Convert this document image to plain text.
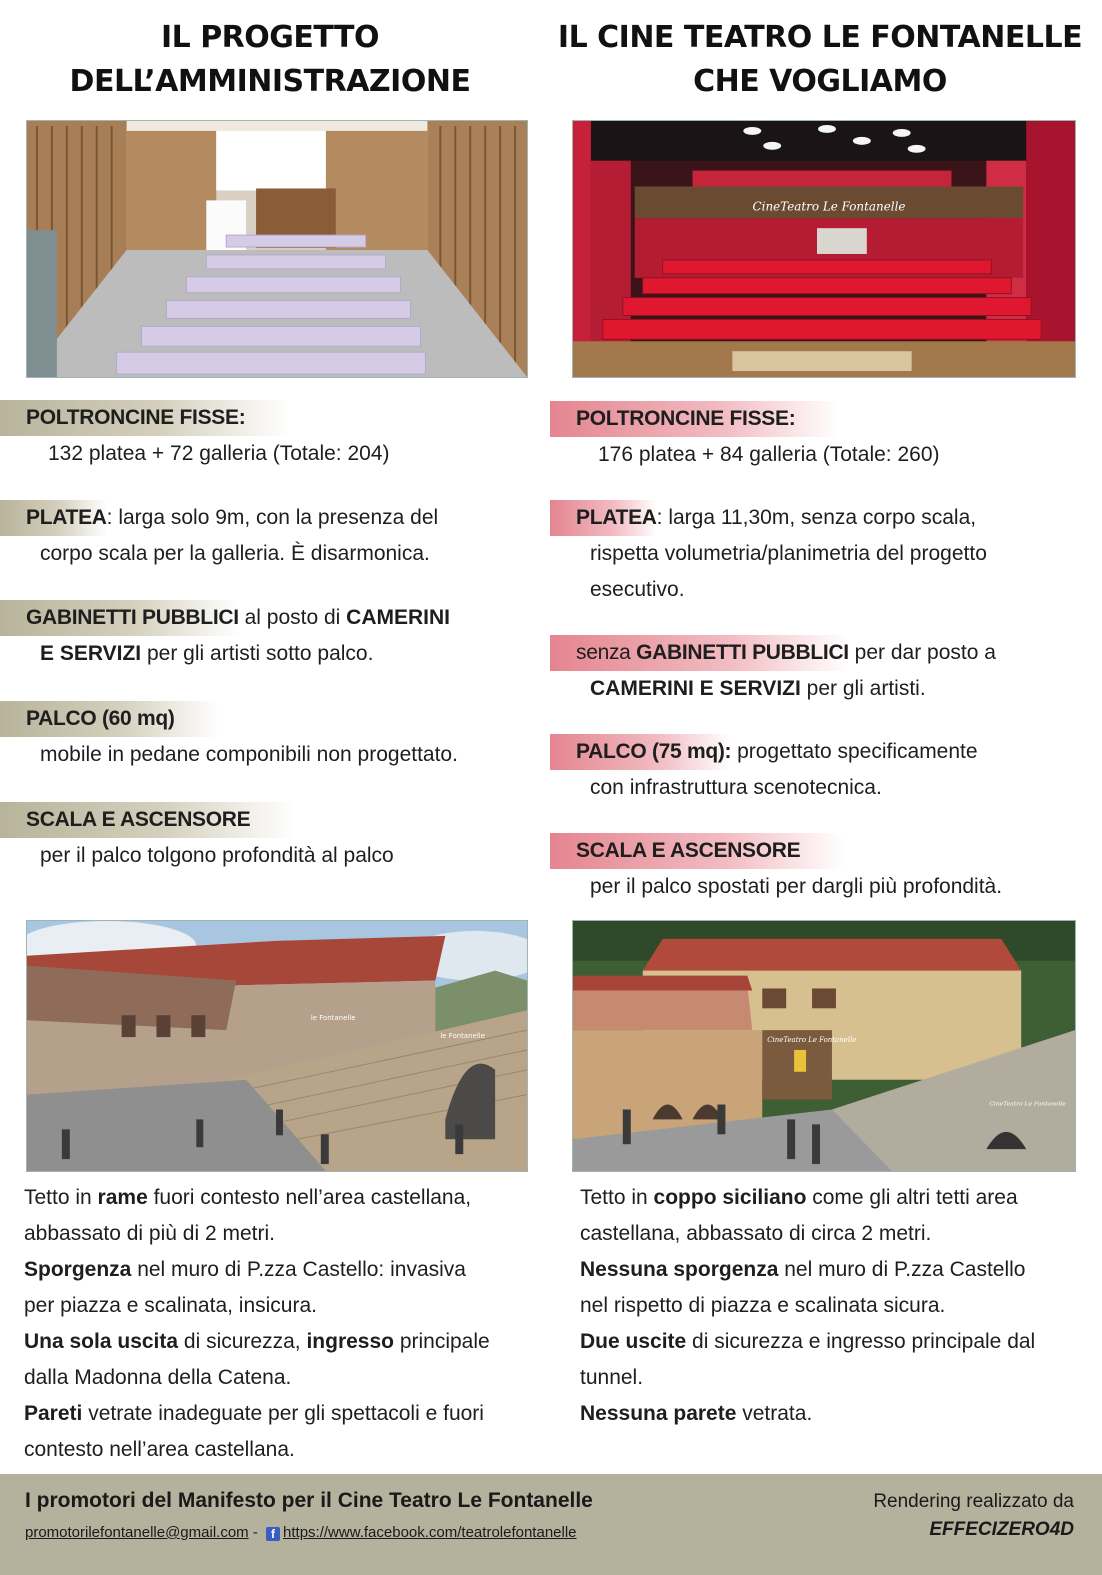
IL PROGETTO
DELL’AMMINISTRAZIONE
POLTRONCINE FISSE:
132 platea + 72 galleria (Totale: 204)
PLATEA: larga solo 9m, con la presenza del
corpo scala per la galleria. È disarmonica.
GABINETTI PUBBLICI al posto di CAMERINI
E SERVIZI per gli artisti sotto palco.
PALCO (60 mq)
mobile in pedane componibili non progettato.
SCALA E ASCENSORE
per il palco tolgono profondità al palco
le Fontanelle
le Fontanelle
Tetto in rame fuori contesto nell’area castellana,
abbassato di più di 2 metri.
Sporgenza nel muro di P.zza Castello: invasiva
per piazza e scalinata, insicura.
Una sola uscita di sicurezza, ingresso principale
dalla Madonna della Catena.
Pareti vetrate inadeguate per gli spettacoli e fuori
contesto nell’area castellana.
IL CINE TEATRO LE FONTANELLE
CHE VOGLIAMO
CineTeatro Le Fontanelle
POLTRONCINE FISSE:
176 platea + 84 galleria (Totale: 260)
PLATEA: larga 11,30m, senza corpo scala,
rispetta volumetria/planimetria del progetto
esecutivo.
senza GABINETTI PUBBLICI per dar posto a
CAMERINI E SERVIZI per gli artisti.
PALCO (75 mq): progettato specificamente
con infrastruttura scenotecnica.
SCALA E ASCENSORE
per il palco spostati per dargli più profondità.
CineTeatro Le Fontanelle
CineTeatro Le Fontanelle
Tetto in coppo siciliano come gli altri tetti area
castellana, abbassato di circa 2 metri.
Nessuna sporgenza nel muro di P.zza Castello
nel rispetto di piazza e scalinata sicura.
Due uscite di sicurezza e ingresso principale dal
tunnel.
Nessuna parete vetrata.
I promotori del Manifesto per il Cine Teatro Le Fontanelle
promotorilefontanelle@gmail.com - f https://www.facebook.com/teatrolefontanelle
Rendering realizzato da
EFFECIZERO4D
